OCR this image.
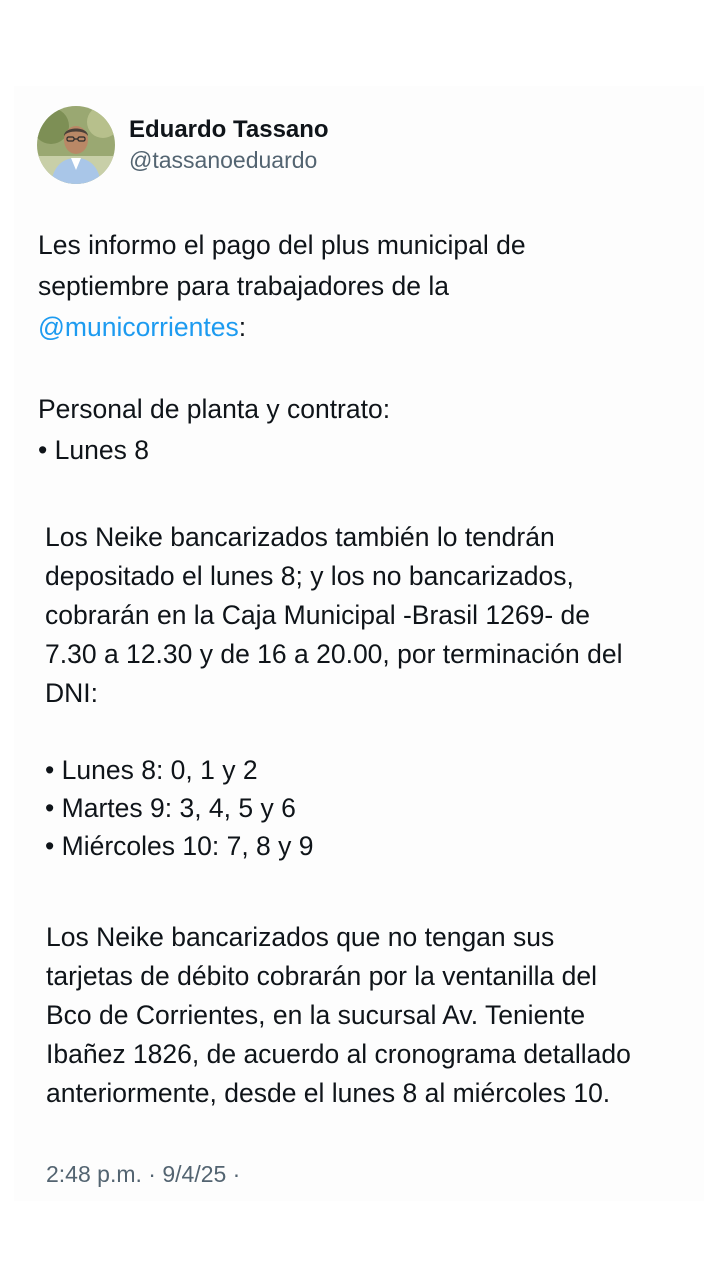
Eduardo Tassano
@tassanoeduardo
Les informo el pago del plus municipal de
septiembre para trabajadores de la
@municorrientes:
Personal de planta y contrato:
• Lunes 8
Los Neike bancarizados también lo tendrán
depositado el lunes 8; y los no bancarizados,
cobrarán en la Caja Municipal -Brasil 1269- de
7.30 a 12.30 y de 16 a 20.00, por terminación del
DNI:
• Lunes 8: 0, 1 y 2
• Martes 9: 3, 4, 5 y 6
• Miércoles 10: 7, 8 y 9
Los Neike bancarizados que no tengan sus
tarjetas de débito cobrarán por la ventanilla del
Bco de Corrientes, en la sucursal Av. Teniente
Ibañez 1826, de acuerdo al cronograma detallado
anteriormente, desde el lunes 8 al miércoles 10.
2:48 p.m. · 9/4/25 ·
